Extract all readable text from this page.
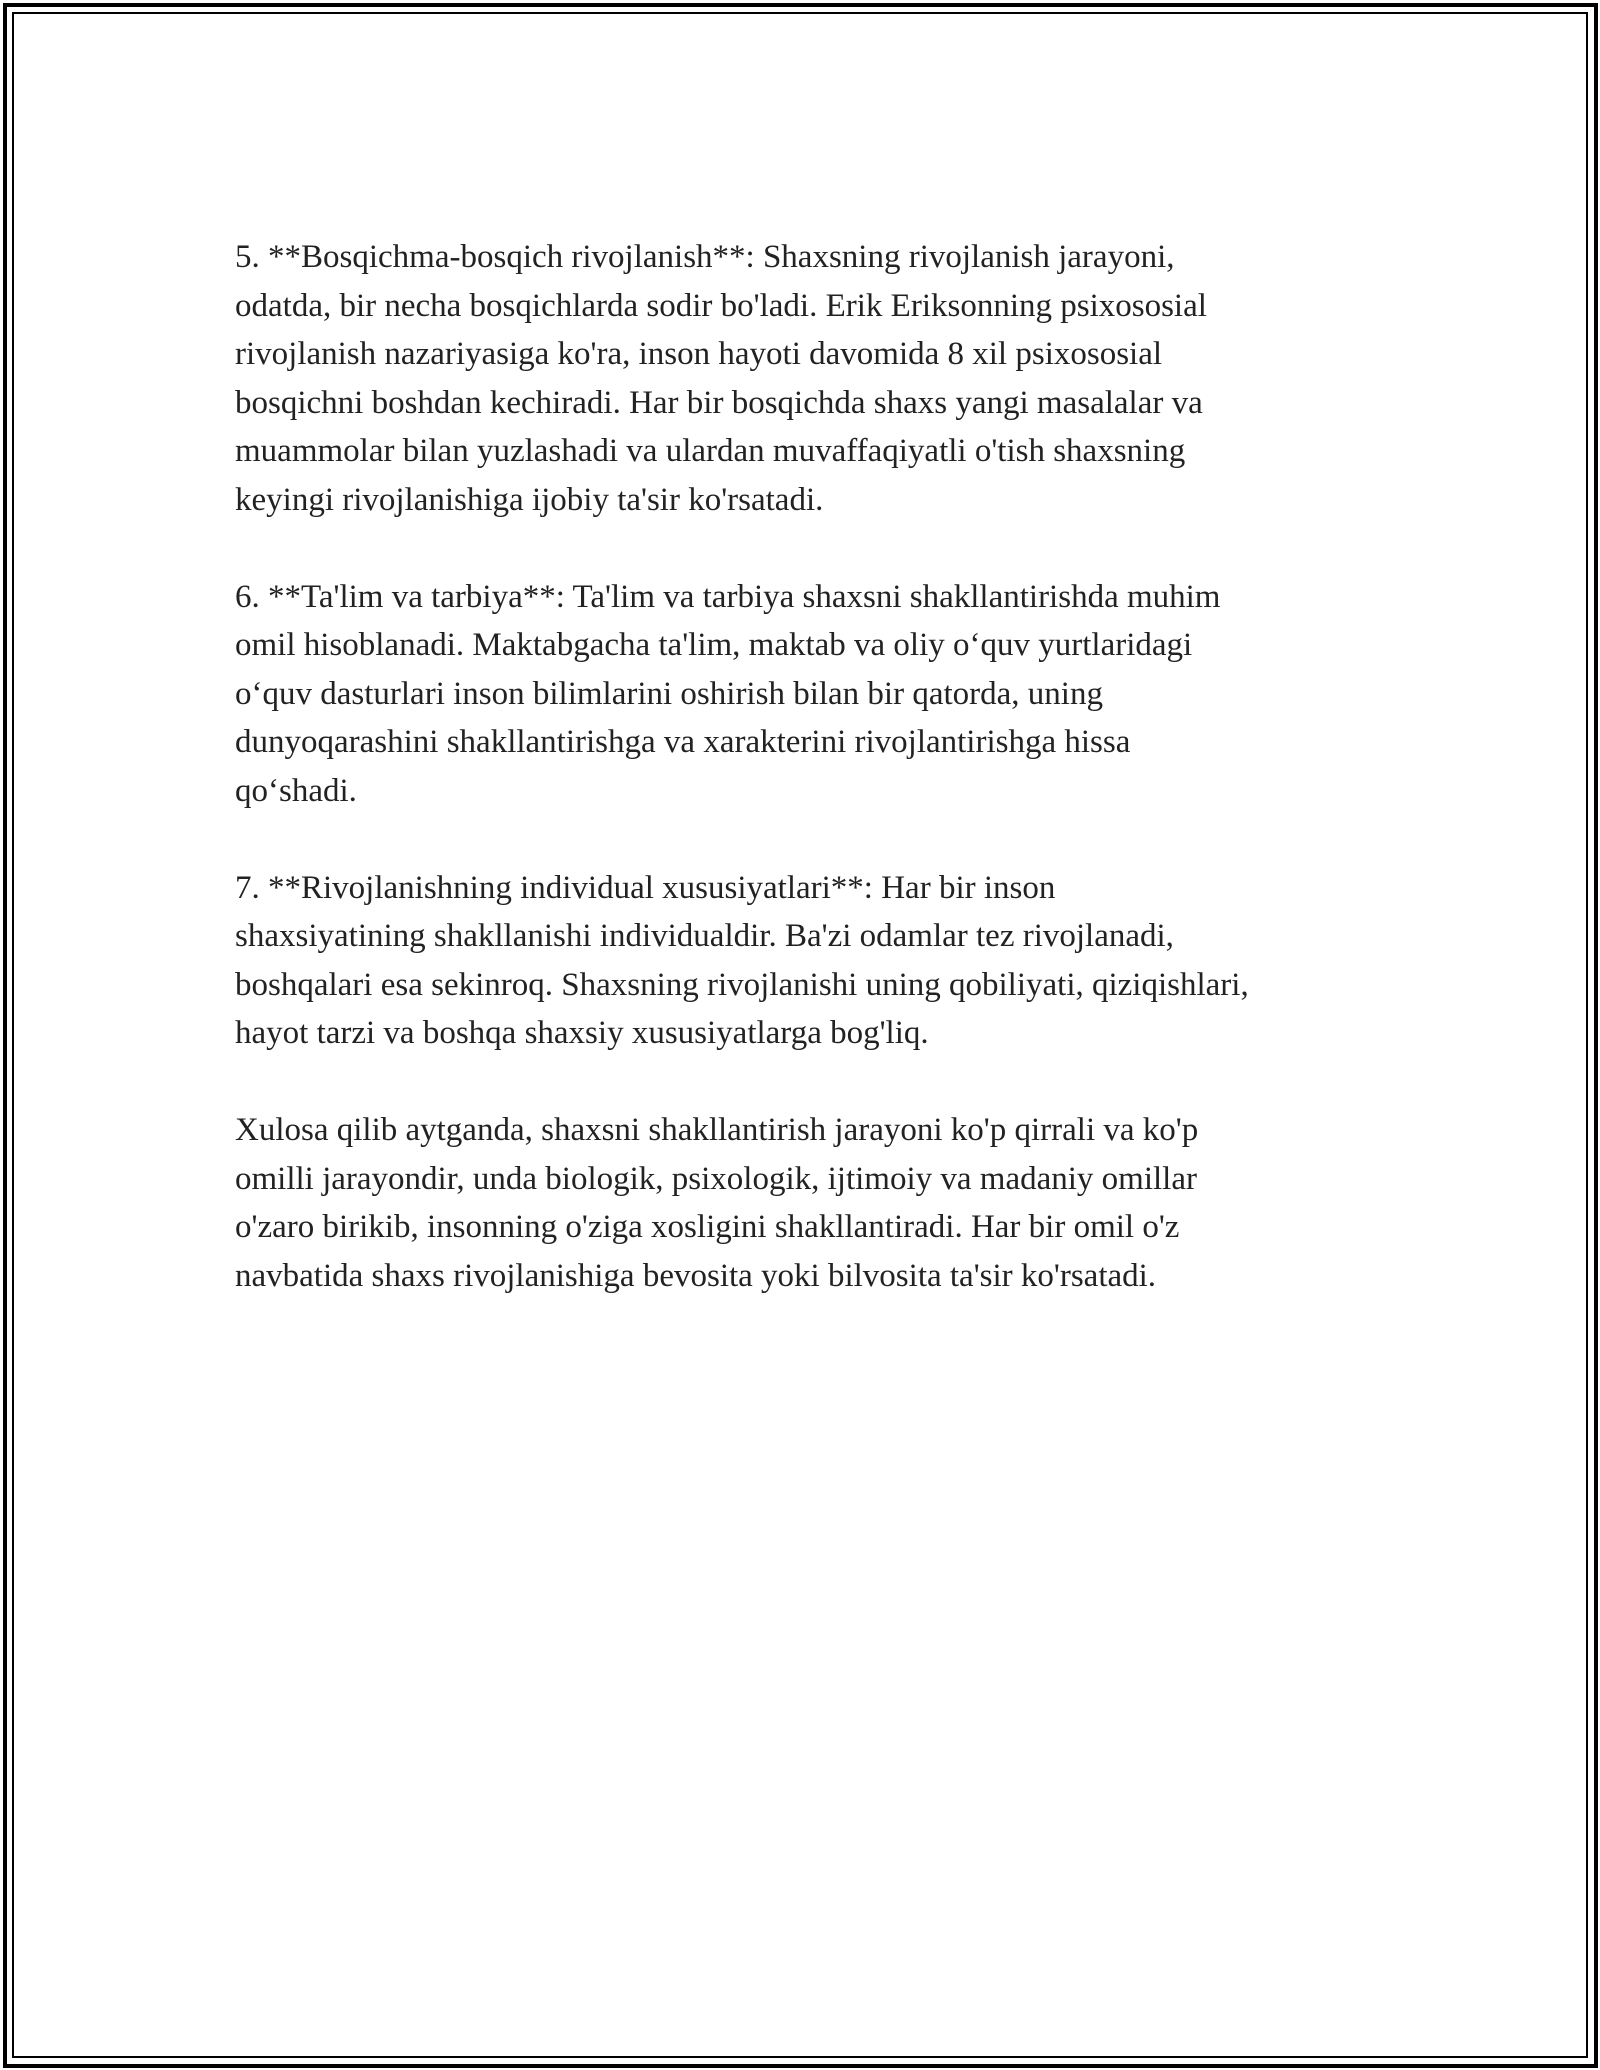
5. **Bosqichma-bosqich rivojlanish**: Shaxsning rivojlanish jarayoni,
odatda, bir necha bosqichlarda sodir bo'ladi. Erik Eriksonning psixososial
rivojlanish nazariyasiga ko'ra, inson hayoti davomida 8 xil psixososial
bosqichni boshdan kechiradi. Har bir bosqichda shaxs yangi masalalar va
muammolar bilan yuzlashadi va ulardan muvaffaqiyatli o'tish shaxsning
keyingi rivojlanishiga ijobiy ta'sir ko'rsatadi.

6. **Ta'lim va tarbiya**: Ta'lim va tarbiya shaxsni shakllantirishda muhim
omil hisoblanadi. Maktabgacha ta'lim, maktab va oliy o‘quv yurtlaridagi
o‘quv dasturlari inson bilimlarini oshirish bilan bir qatorda, uning
dunyoqarashini shakllantirishga va xarakterini rivojlantirishga hissa
qo‘shadi.

7. **Rivojlanishning individual xususiyatlari**: Har bir inson
shaxsiyatining shakllanishi individualdir. Ba'zi odamlar tez rivojlanadi,
boshqalari esa sekinroq. Shaxsning rivojlanishi uning qobiliyati, qiziqishlari,
hayot tarzi va boshqa shaxsiy xususiyatlarga bog'liq.

Xulosa qilib aytganda, shaxsni shakllantirish jarayoni ko'p qirrali va ko'p
omilli jarayondir, unda biologik, psixologik, ijtimoiy va madaniy omillar
o'zaro birikib, insonning o'ziga xosligini shakllantiradi. Har bir omil o'z
navbatida shaxs rivojlanishiga bevosita yoki bilvosita ta'sir ko'rsatadi.
